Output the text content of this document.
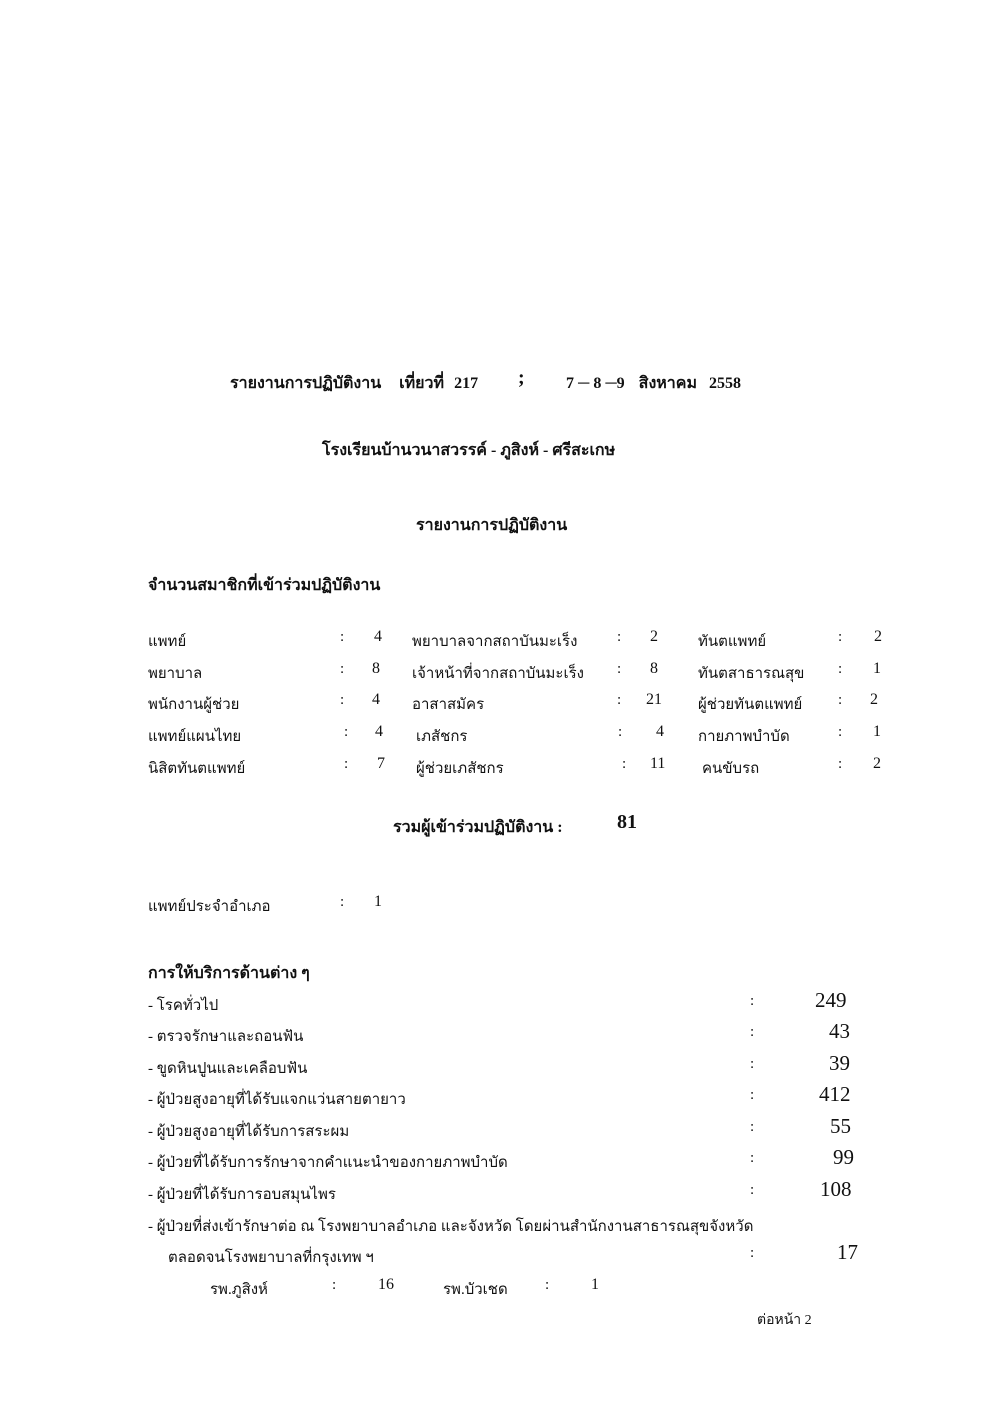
รายงานการปฏิบัติงาน เที่ยวที่ 217 ;	7 ─ 8 ─9 สิงหาคม 2558
โรงเรียนบ้านวนาสวรรค์ - ภูสิงห์ - ศรีสะเกษ
รายงานการปฏิบัติงาน
จำนวนสมาชิกที่เข้าร่วมปฏิบัติงาน
แพทย์	: 4 พยาบาลจากสถาบันมะเร็ง	: 2	ทันตแพทย์	: 2
พยาบาล	: 8 เจ้าหน้าที่จากสถาบันมะเร็ง : 8	ทันตสาธารณสุข : 1
พนักงานผู้ช่วย	: 4 อาสาสมัคร	: 21 ผู้ช่วยทันตแพทย์ : 2
แพทย์แผนไทย	: 4 เภสัชกร	: 4 กายภาพบำบัด	: 1
นิสิตทันตแพทย์	: 7 ผู้ช่วยเภสัชกร	: 11 คนขับรถ	: 2
รวมผู้เข้าร่วมปฏิบัติงาน :	81
แพทย์ประจำอำเภอ	: 1
การให้บริการด้านต่าง ๆ
- โรคทั่วไป	:	249
- ตรวจรักษาและถอนฟัน	:	43
- ขูดหินปูนและเคลือบฟัน	:	39
- ผู้ป่วยสูงอายุที่ได้รับแจกแว่นสายตายาว	:	412
- ผู้ป่วยสูงอายุที่ได้รับการสระผม	:	55
- ผู้ป่วยที่ได้รับการรักษาจากคำแนะนำของกายภาพบำบัด	:	99
- ผู้ป่วยที่ได้รับการอบสมุนไพร	:	108
- ผู้ป่วยที่ส่งเข้ารักษาต่อ ณ โรงพยาบาลอำเภอ และจังหวัด โดยผ่านสำนักงานสาธารณสุขจังหวัด
ตลอดจนโรงพยาบาลที่กรุงเทพ ฯ	:	17
รพ.ภูสิงห์	:	16	รพ.บัวเชด :	1
ต่อหน้า 2
